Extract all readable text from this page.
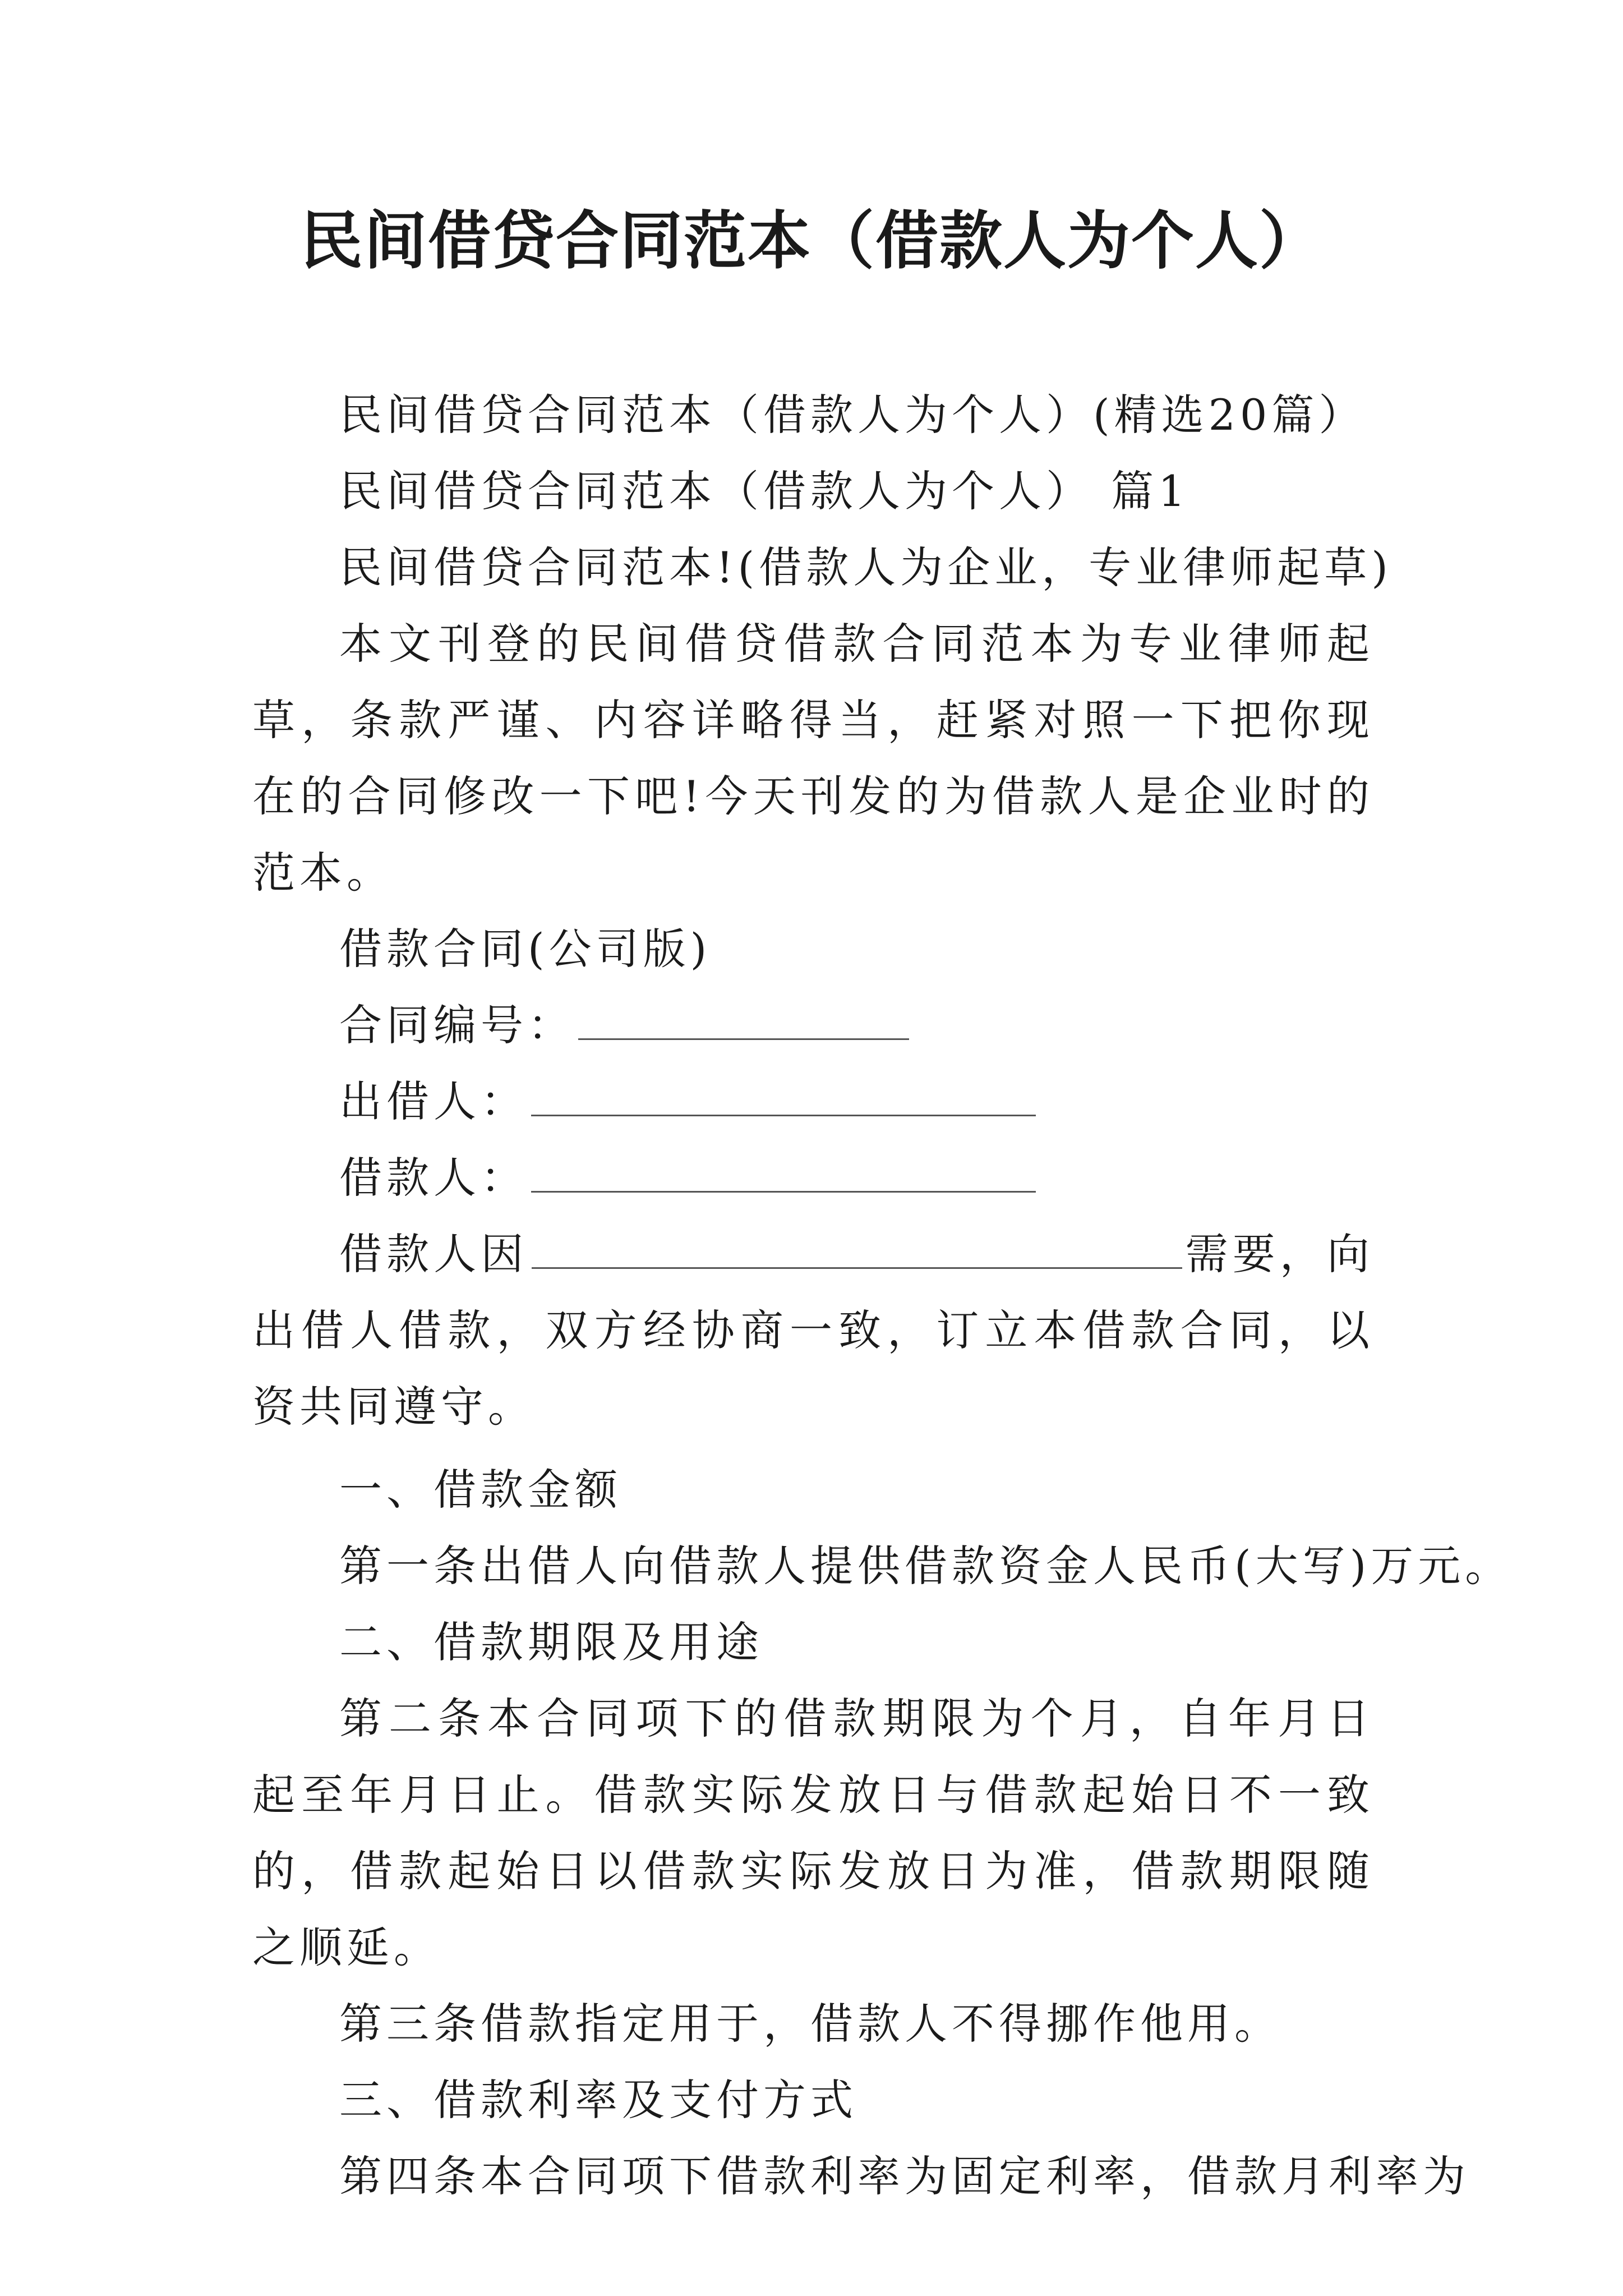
民间借贷合同范本（借款人为个人）

民间借贷合同范本（借款人为个人）(精选20篇）

民间借贷合同范本（借款人为个人） 篇1

民间借贷合同范本!(借款人为企业，专业律师起草)

本文刊登的民间借贷借款合同范本为专业律师起草，条款严谨、内容详略得当，赶紧对照一下把你现在的合同修改一下吧!今天刊发的为借款人是企业时的范本。

借款合同(公司版)

合同编号：

出借人：

借款人：

借款人因	需要，向出借人借款，双方经协商一致，订立本借款合同，以资共同遵守。

一、借款金额

第一条出借人向借款人提供借款资金人民币(大写)万元。

二、借款期限及用途

第二条本合同项下的借款期限为个月，自年月日起至年月日止。借款实际发放日与借款起始日不一致的，借款起始日以借款实际发放日为准，借款期限随之顺延。

第三条借款指定用于，借款人不得挪作他用。

三、借款利率及支付方式

第四条本合同项下借款利率为固定利率，借款月利率为
